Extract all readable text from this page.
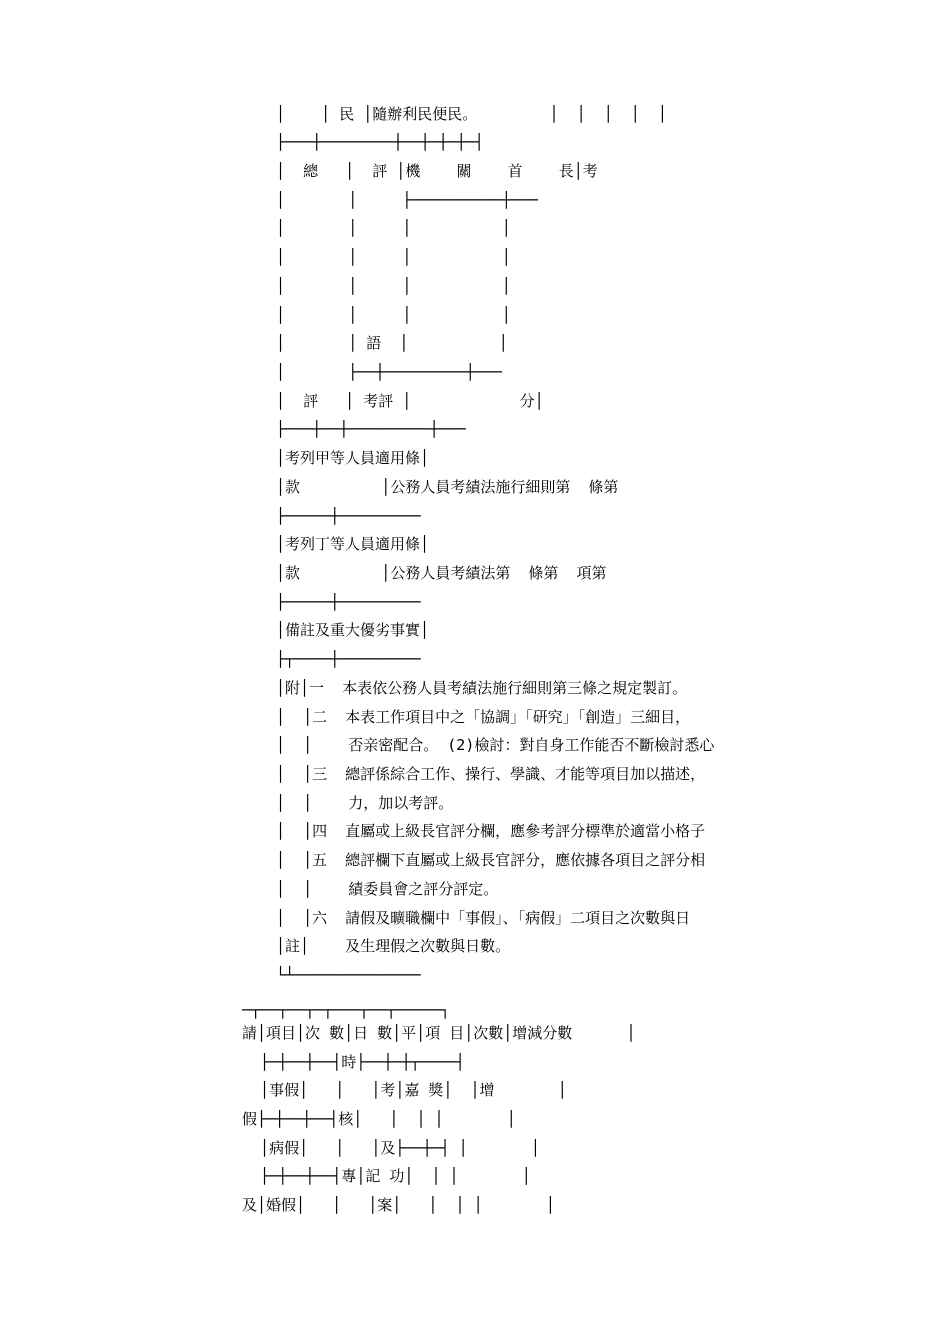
│    │ 民 │隨辦利民便民。        │  │  │  │  │
├───┼────────┼──┼─┼─┼─┤
│  總   │  評 │機    關    首    長│考
│       │     ├──────────┼───
│       │     │          │
│       │     │          │
│       │     │          │
│       │     │          │
│       │ 語  │          │
│       ├──┼─────────┼───
│  評   │ 考評 │            分│
├───┼──┼─────────┼───
│考列甲等人員適用條│
│款         │公務人員考績法施行細則第  條第
├─────┼─────────
│考列丁等人員適用條│
│款         │公務人員考績法第  條第  項第
├─────┼─────────
│備註及重大優劣事實│
├┬────┼─────────
│附│一  本表依公務人員考績法施行細則第三條之規定製訂。
│  │二  本表工作項目中之「協調」「研究」「創造」三細目，
│  │    否亲密配合。 (2)檢討：對自身工作能否不斷檢討悉心
│  │三  總評係綜合工作、操行、學識、才能等項目加以描述，
│  │    力，加以考評。
│  │四  直屬或上級長官評分欄，應參考評分標準於適當小格子
│  │五  總評欄下直屬或上級長官評分，應依據各項目之評分相
│  │    績委員會之評分評定。
│  │六  請假及曠職欄中「事假」、「病假」二項目之次數與日
│註│    及生理假之次數與日數。
└┴──────────────
─┬──┬──┬─┬───┬──┬─────┐
請│項目│次 數│日 數│平│項 目│次數│增減分數      │
├─┼──┼──┤時├──┼─┼┬────┤
│事假│   │   │考│嘉 獎│  │增       │
假├─┼──┼──┤核│   │  │ │       │
│病假│   │   │及├──┼─┤ │       │
├─┼──┼──┤專│記 功│  │ │       │
及│婚假│   │   │案│   │  │ │       │
